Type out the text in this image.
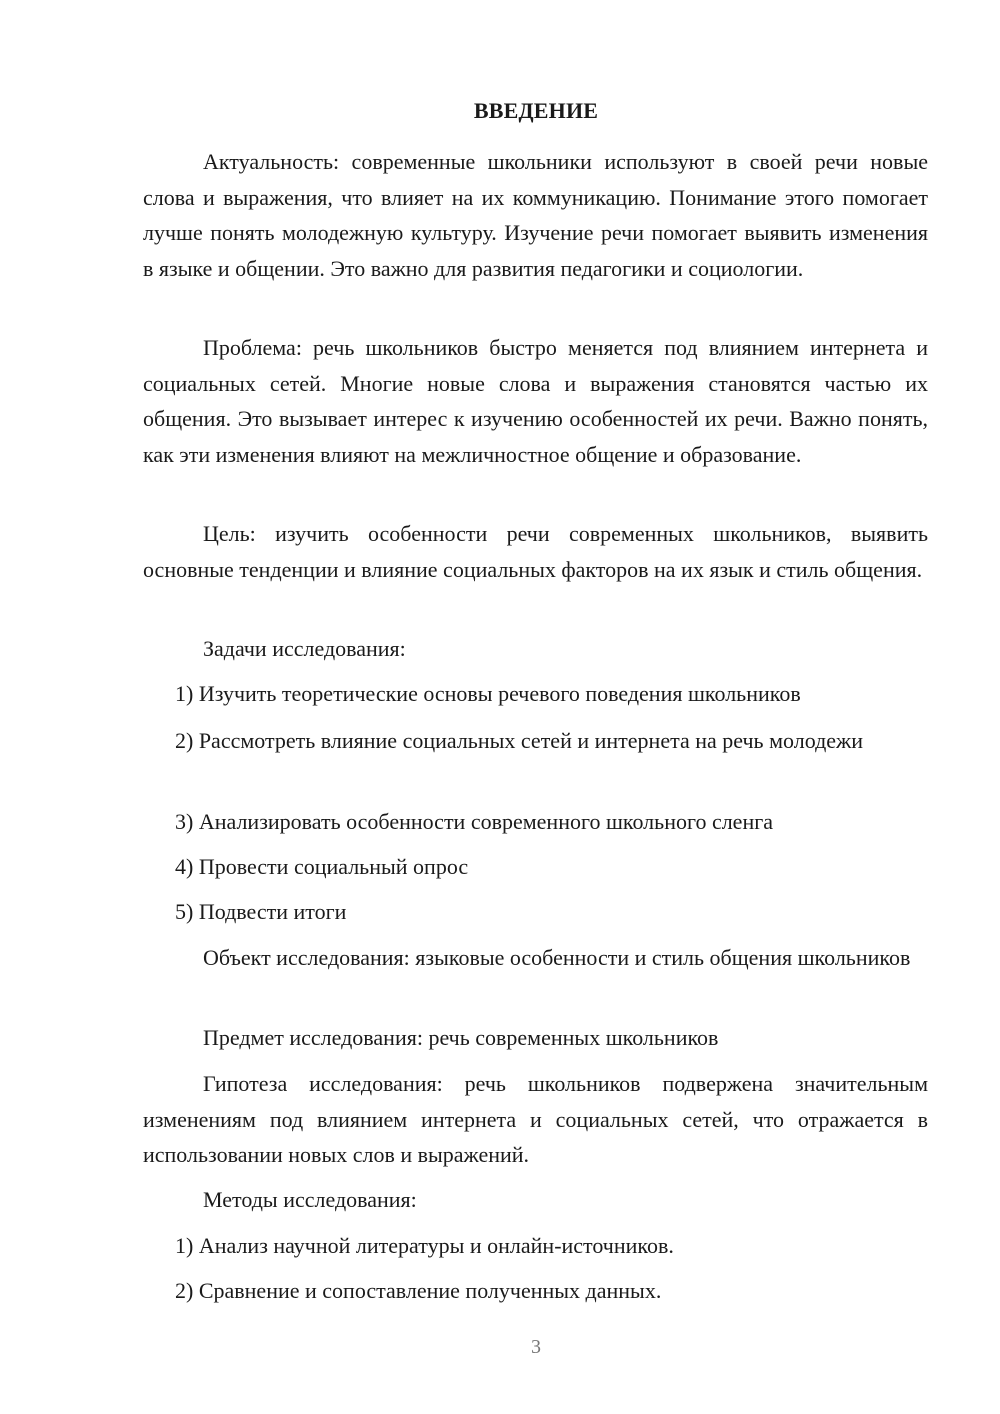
ВВЕДЕНИЕ

Актуальность: современные школьники используют в своей речи новые слова и выражения, что влияет на их коммуникацию. Понимание этого помогает лучше понять молодежную культуру. Изучение речи помогает выявить изменения в языке и общении. Это важно для развития педагогики и социологии.

Проблема: речь школьников быстро меняется под влиянием интернета и социальных сетей. Многие новые слова и выражения становятся частью их общения. Это вызывает интерес к изучению особенностей их речи. Важно понять, как эти изменения влияют на межличностное общение и образование.

Цель: изучить особенности речи современных школьников, выявить основные тенденции и влияние социальных факторов на их язык и стиль общения.

Задачи исследования:

1) Изучить теоретические основы речевого поведения школьников

2) Рассмотреть влияние социальных сетей и интернета на речь молодежи

3) Анализировать особенности современного школьного сленга

4) Провести социальный опрос

5) Подвести итоги

Объект исследования: языковые особенности и стиль общения школьников

Предмет исследования: речь современных школьников

Гипотеза исследования: речь школьников подвержена значительным изменениям под влиянием интернета и социальных сетей, что отражается в использовании новых слов и выражений.

Методы исследования:

1) Анализ научной литературы и онлайн-источников.

2) Сравнение и сопоставление полученных данных.

3
